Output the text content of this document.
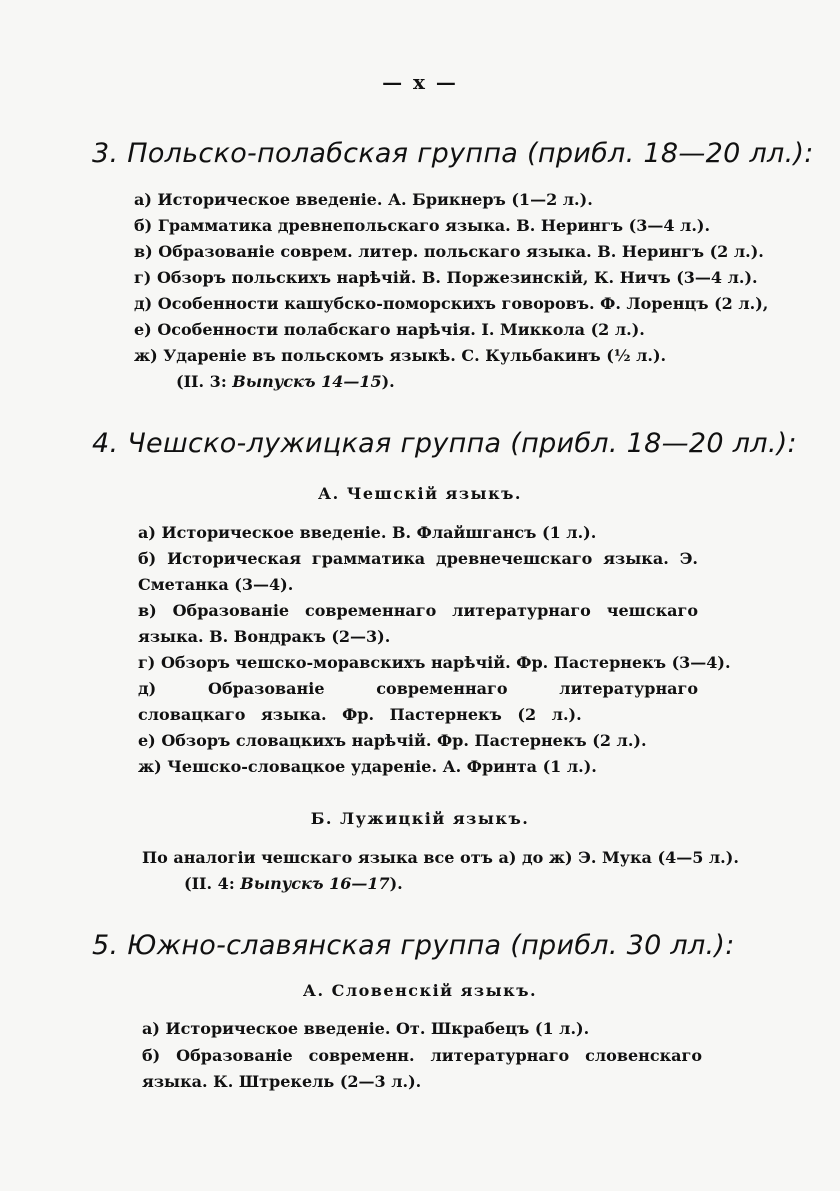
— x —
3. Польско-полабская группа (прибл. 18—20 лл.):
а) Историческое введеніе. А. Брикнеръ (1—2 л.).
б) Грамматика древнепольскаго языка. В. Нерингъ (3—4 л.).
в) Образованіе соврем. литер. польскаго языка. В. Нерингъ (2 л.).
г) Обзоръ польскихъ нарѣчій. В. Поржезинскій, К. Ничъ (3—4 л.).
д) Особенности кашубско-поморскихъ говоровъ. Ф. Лоренцъ (2 л.),
е) Особенности полабскаго нарѣчія. І. Миккола (2 л.).
ж) Удареніе въ польскомъ языкѣ. С. Кульбакинъ (½ л.).
(II. 3: Выпускъ 14—15).
4. Чешско-лужицкая группа (прибл. 18—20 лл.):
А. Чешскій языкъ.
а) Историческое введеніе. В. Флайшгансъ (1 л.).
б) Историческая грамматика древнечешскаго языка. Э. Сметанка (3—4).
в) Образованіе современнаго литературнаго чешскаго языка. В. Вондракъ (2—3).
г) Обзоръ чешско-моравскихъ нарѣчій. Фр. Пастернекъ (3—4).
д) Образованіе современнаго литературнаго словацкаго языка. Фр. Пастернекъ (2 л.).
е) Обзоръ словацкихъ нарѣчій. Фр. Пастернекъ (2 л.).
ж) Чешско-словацкое удареніе. А. Фринта (1 л.).
Б. Лужицкій языкъ.
По аналогіи чешскаго языка все отъ а) до ж) Э. Мука (4—5 л.).
(II. 4: Выпускъ 16—17).
5. Южно-славянская группа (прибл. 30 лл.):
А. Словенскій языкъ.
а) Историческое введеніе. От. Шкрабецъ (1 л.).
б) Образованіе современн. литературнаго словенскаго языка. К. Штрекель (2—3 л.).
